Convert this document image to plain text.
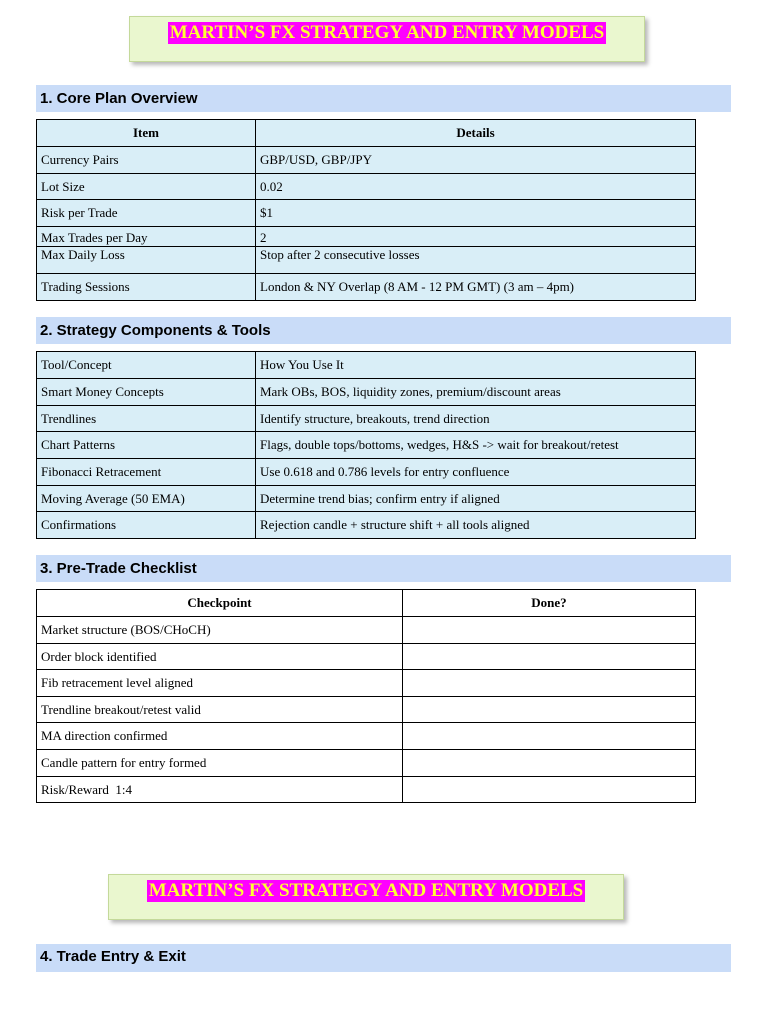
MARTIN’S FX STRATEGY AND ENTRY MODELS
1. Core Plan Overview
Item	Details
Currency Pairs	GBP/USD, GBP/JPY
Lot Size	0.02
Risk per Trade	$1
Max Trades per Day	2
Max Daily Loss	Stop after 2 consecutive losses
Trading Sessions	London & NY Overlap (8 AM - 12 PM GMT) (3 am – 4pm)
2. Strategy Components & Tools
Tool/Concept	How You Use It
Smart Money Concepts	Mark OBs, BOS, liquidity zones, premium/discount areas
Trendlines	Identify structure, breakouts, trend direction
Chart Patterns	Flags, double tops/bottoms, wedges, H&S -> wait for breakout/retest
Fibonacci Retracement	Use 0.618 and 0.786 levels for entry confluence
Moving Average (50 EMA)	Determine trend bias; confirm entry if aligned
Confirmations	Rejection candle + structure shift + all tools aligned
3. Pre-Trade Checklist
Checkpoint	Done?
Market structure (BOS/CHoCH)	
Order block identified	
Fib retracement level aligned	
Trendline breakout/retest valid	
MA direction confirmed	
Candle pattern for entry formed	
Risk/Reward  1:4	
MARTIN’S FX STRATEGY AND ENTRY MODELS
4. Trade Entry & Exit
